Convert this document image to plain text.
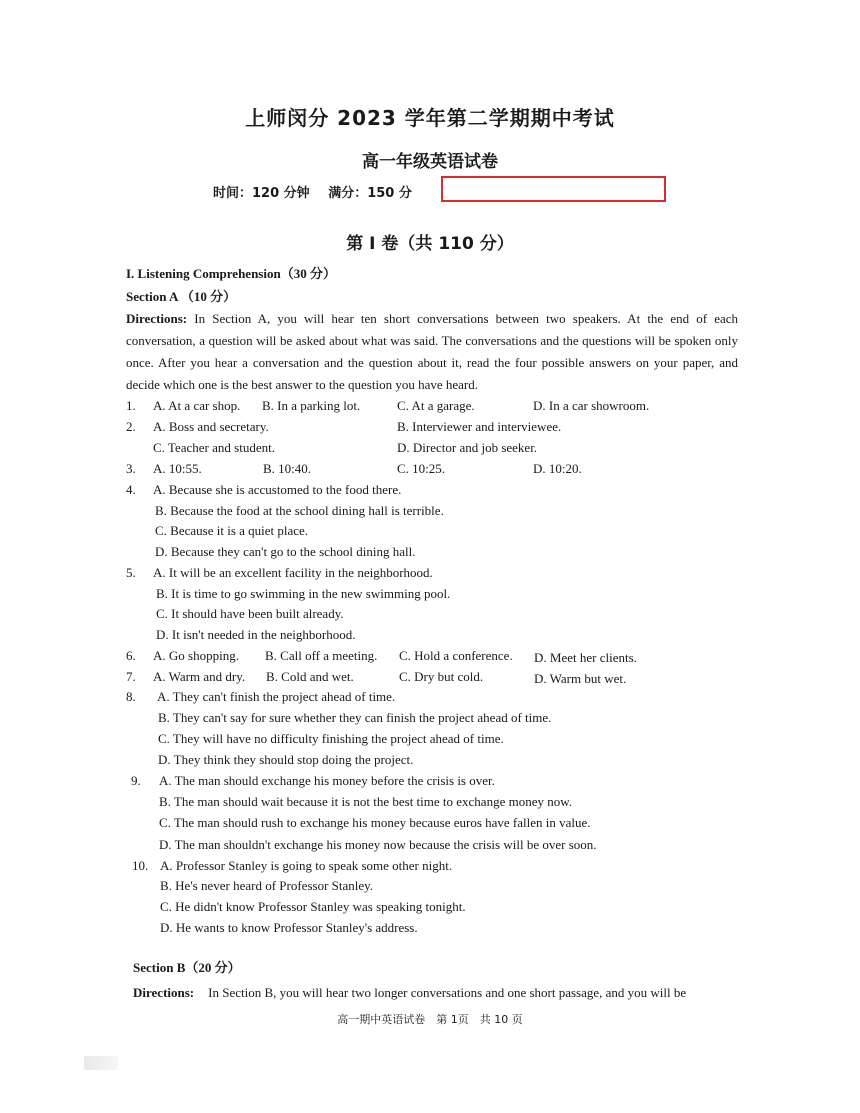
上师闵分 2023 学年第二学期期中考试
高一年级英语试卷
时间：120 分钟 满分：150 分
第 I 卷（共 110 分）
I. Listening Comprehension（30 分）
Section A （10 分）
Directions: In Section A, you will hear ten short conversations between two speakers. At the end of each conversation, a question will be asked about what was said. The conversations and the questions will be spoken only once. After you hear a conversation and the question about it, read the four possible answers on your paper, and decide which one is the best answer to the question you have heard.
1. A. At a car shop. B. In a parking lot.	C. At a garage.	D. In a car showroom.
2. A. Boss and secretary.	B. Interviewer and interviewee.
C. Teacher and student.	D. Director and job seeker.
3. A. 10:55.	B. 10:40.	C. 10:25.	D. 10:20.
4. A. Because she is accustomed to the food there.
B. Because the food at the school dining hall is terrible.
C. Because it is a quiet place.
D. Because they can't go to the school dining hall.
5. A. It will be an excellent facility in the neighborhood.
B. It is time to go swimming in the new swimming pool.
C. It should have been built already.
D. It isn't needed in the neighborhood.
6. A. Go shopping. B. Call off a meeting. C. Hold a conference. D. Meet her clients.
7. A. Warm and dry. B. Cold and wet.	C. Dry but cold.	D. Warm but wet.
8. A. They can't finish the project ahead of time.
B. They can't say for sure whether they can finish the project ahead of time.
C. They will have no difficulty finishing the project ahead of time.
D. They think they should stop doing the project.
9. A. The man should exchange his money before the crisis is over.
B. The man should wait because it is not the best time to exchange money now.
C. The man should rush to exchange his money because euros have fallen in value.
D. The man shouldn't exchange his money now because the crisis will be over soon.
10. A. Professor Stanley is going to speak some other night.
B. He's never heard of Professor Stanley.
C. He didn't know Professor Stanley was speaking tonight.
D. He wants to know Professor Stanley's address.
Section B（20 分）
Directions: In Section B, you will hear two longer conversations and one short passage, and you will be
高一期中英语试卷　第 1页　共 10 页
